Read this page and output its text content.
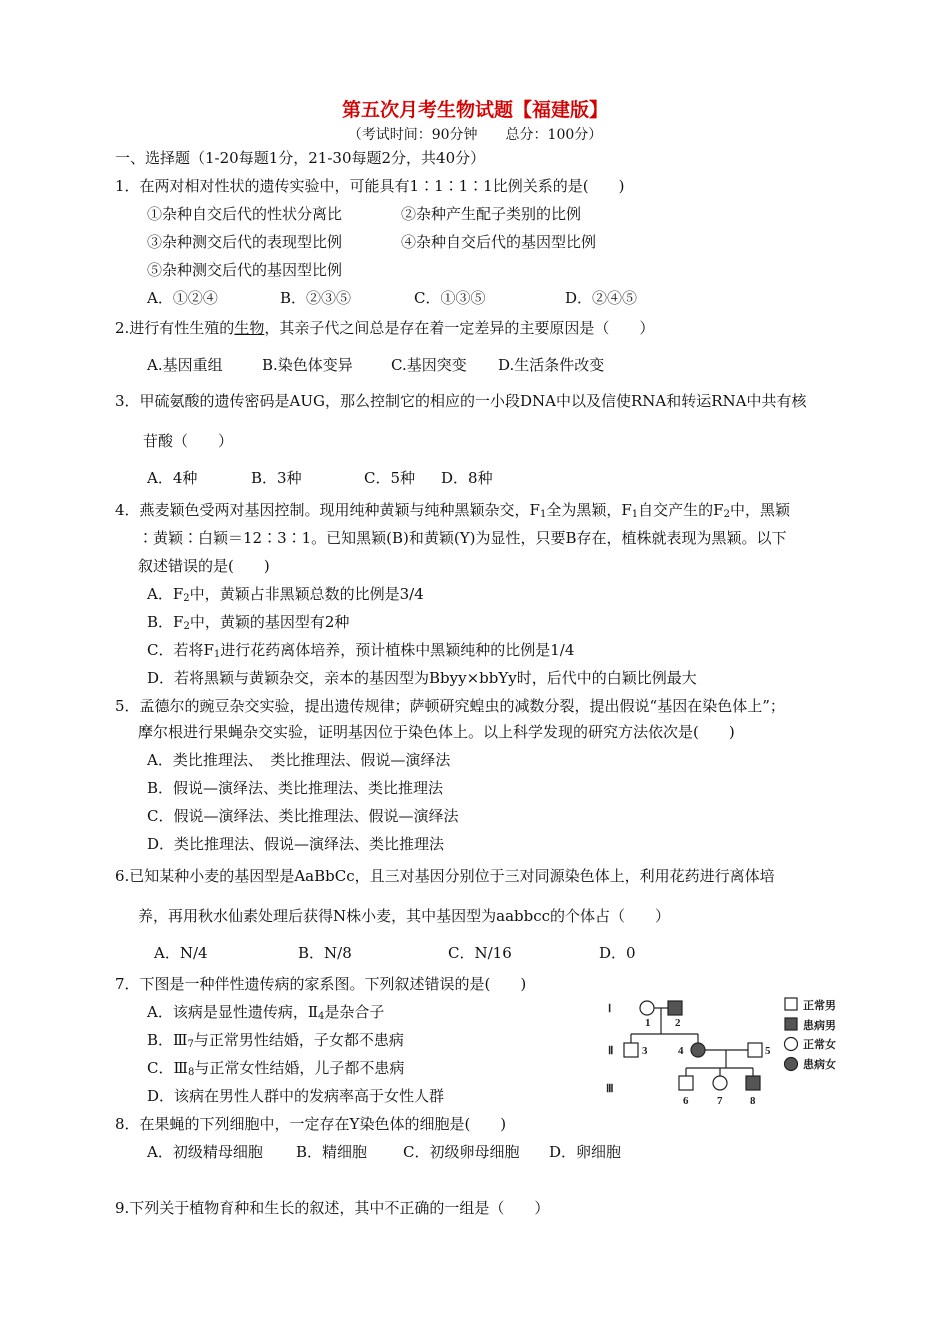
第五次月考生物试题【福建版】
（考试时间：90分钟　　总分：100分）
一、选择题（1-20每题1分，21-30每题2分，共40分）
1．在两对相对性状的遗传实验中，可能具有1∶1∶1∶1比例关系的是(　　)
①杂种自交后代的性状分离比	②杂种产生配子类别的比例
③杂种测交后代的表现型比例	④杂种自交后代的基因型比例
⑤杂种测交后代的基因型比例
A．①②④	B．②③⑤	C．①③⑤	D．②④⑤
2.进行有性生殖的生物，其亲子代之间总是存在着一定差异的主要原因是（　　）
A.基因重组	B.染色体变异	C.基因突变 D.生活条件改变
3．甲硫氨酸的遗传密码是AUG，那么控制它的相应的一小段DNA中以及信使RNA和转运RNA中共有核
苷酸（　　）
A．4种	B．3种	C．5种 D．8种
4．燕麦颖色受两对基因控制。现用纯种黄颖与纯种黑颖杂交，$F_1$全为黑颖，$F_1$自交产生的$F_2$中，黑颖
∶黄颖∶白颖＝12∶3∶1。已知黑颖(B)和黄颖(Y)为显性，只要B存在，植株就表现为黑颖。以下
叙述错误的是(　　)
A．$F_2$中，黄颖占非黑颖总数的比例是3/4
B．$F_2$中，黄颖的基因型有2种
C．若将$F_1$进行花药离体培养，预计植株中黑颖纯种的比例是1/4
D．若将黑颖与黄颖杂交，亲本的基因型为Bbyy×bbYy时，后代中的白颖比例最大
5．孟德尔的豌豆杂交实验，提出遗传规律；萨顿研究蝗虫的减数分裂，提出假说“基因在染色体上”；
摩尔根进行果蝇杂交实验，证明基因位于染色体上。以上科学发现的研究方法依次是(　　)
A．类比推理法、　类比推理法、假说—演绎法
B．假说—演绎法、类比推理法、类比推理法
C．假说—演绎法、类比推理法、假说—演绎法
D．类比推理法、假说—演绎法、类比推理法
6.已知某种小麦的基因型是AaBbCc，且三对基因分别位于三对同源染色体上，利用花药进行离体培
养，再用秋水仙素处理后获得N株小麦，其中基因型为aabbcc的个体占（　　）
A．N/4	B．N/8	C．N/16	D．0
7．下图是一种伴性遗传病的家系图。下列叙述错误的是(　　)
A．该病是显性遗传病，$Ⅱ_4$是杂合子
B．$Ⅲ_7$与正常男性结婚，子女都不患病
C．$Ⅲ_8$与正常女性结婚，儿子都不患病
D．该病在男性人群中的发病率高于女性人群
Ⅰ
Ⅱ
Ⅲ
1 2
3	4	5
6	7	8
正常男
患病男
正常女
患病女
8．在果蝇的下列细胞中，一定存在Y染色体的细胞是(　　)
A．初级精母细胞 B．精细胞 C．初级卵母细胞 D．卵细胞
9.下列关于植物育种和生长的叙述，其中不正确的一组是（　　）
